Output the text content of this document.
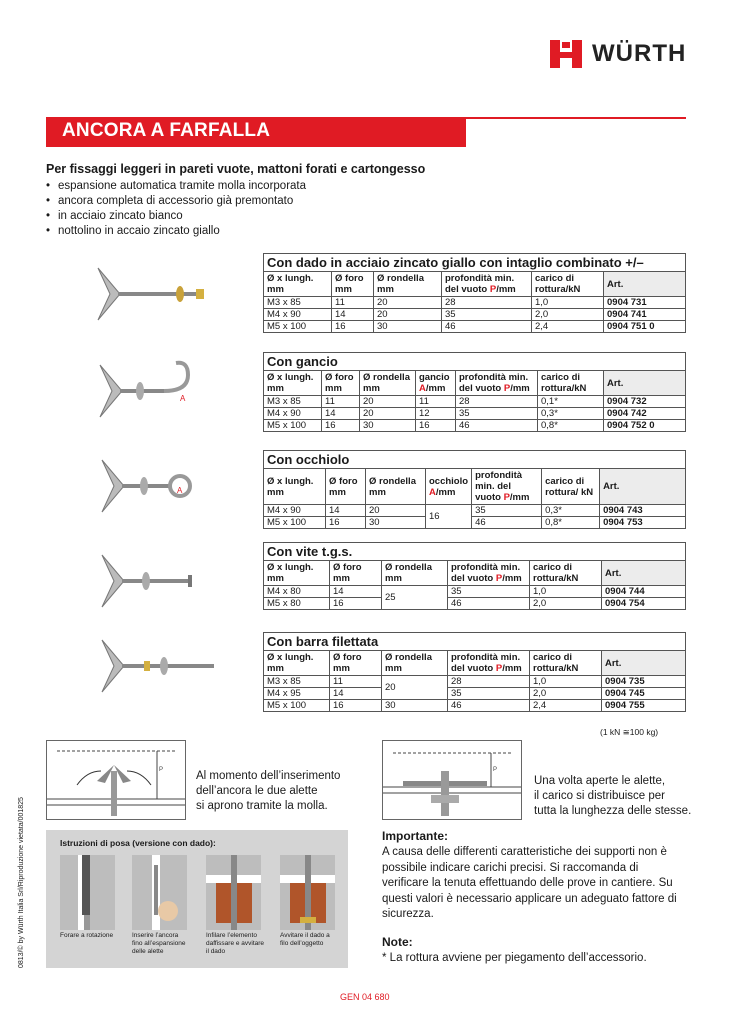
WÜRTH
ANCORA A FARFALLA
Per fissaggi leggeri in pareti vuote, mattoni forati e cartongesso
• espansione automatica tramite molla incorporata
• ancora completa di accessorio già premontato
• in acciaio zincato bianco
• nottolino in accaio zincato giallo
A
A
Con dado in acciaio zincato giallo con intaglio combinato +/–
Ø x lungh. mm	Ø foro mm	Ø rondella mm	profondità min. del vuoto P/mm	carico di rottura/kN	Art.
M3 x 85	11	20	28	1,0	0904 731
M4 x 90	14	20	35	2,0	0904 741
M5 x 100	16	30	46	2,4	0904 751 0
Con gancio
Ø x lungh. mm	Ø foro mm	Ø rondella mm	gancio A/mm	profondità min. del vuoto P/mm	carico di rottura/kN	Art.
M3 x 85	11	20	11	28	0,1*	0904 732
M4 x 90	14	20	12	35	0,3*	0904 742
M5 x 100	16	30	16	46	0,8*	0904 752 0
Con occhiolo
Ø x lungh. mm	Ø foro mm	Ø rondella mm	occhiolo A/mm	profondità min. del vuoto P/mm	carico di rottura/ kN	Art.
M4 x 90	14	20	16	35	0,3*	0904 743
M5 x 100	16	30		46	0,8*	0904 753
Con vite t.g.s.
Ø x lungh. mm	Ø foro mm	Ø rondella mm	profondità min. del vuoto P/mm	carico di rottura/kN	Art.
M4 x 80	14	25	35	1,0	0904 744
M5 x 80	16		46	2,0	0904 754
Con barra filettata
Ø x lungh. mm	Ø foro mm	Ø rondella mm	profondità min. del vuoto P/mm	carico di rottura/kN	Art.
M3 x 85	11	20	28	1,0	0904 735
M4 x 95	14		35	2,0	0904 745
M5 x 100	16	30	46	2,4	0904 755
(1 kN ≅100 kg)
P	Al momento dell’inserimento
dell’ancora le due alette
si aprono tramite la molla.
P
Una volta aperte le alette,
il carico si distribuisce per
tutta la lunghezza delle stesse.
Istruzioni di posa (versione con dado):
Forare a rotazione	Inserire l’ancora
fino all’espansione
delle alette
Infilare l’elemento
daffissare e avvitare
il dado
Avvitare il dado a
filo dell’oggetto
Importante:
A causa delle differenti caratteristiche dei supporti non è possibile indicare carichi precisi. Si raccomanda di verificare la tenuta effettuando delle prove in cantiere. Su questi valori è necessario applicare un adeguato fattore di sicurezza.
Note:
* La rottura avviene per piegamento dell’accessorio.
0813/© by Würth Italia Srl/Riproduzione vietata/001825
GEN 04 680
